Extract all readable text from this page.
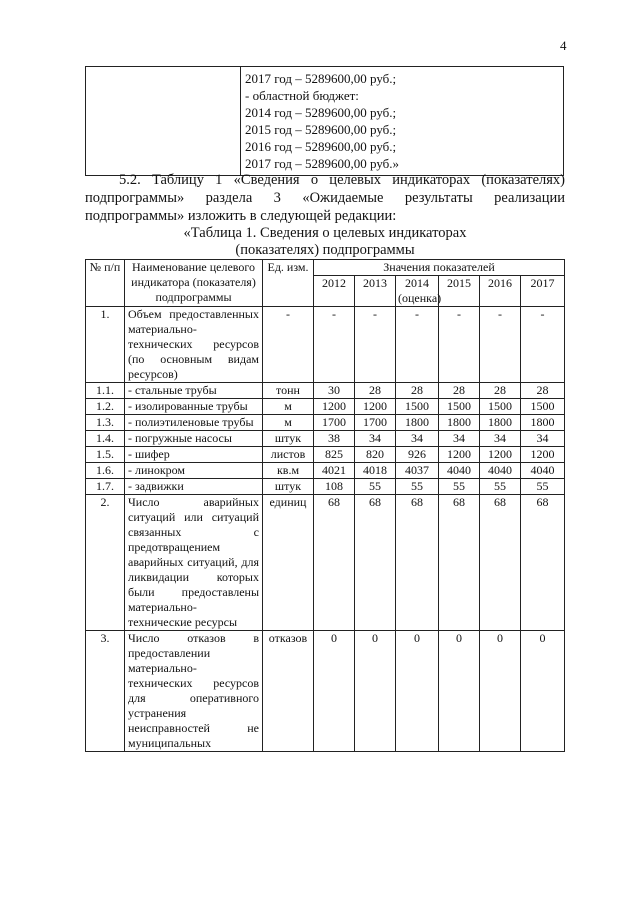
4

2017 год – 5289600,00 руб.;
- областной бюджет:
2014 год – 5289600,00 руб.;
2015 год – 5289600,00 руб.;
2016 год – 5289600,00 руб.;
2017 год – 5289600,00 руб.»
5.2. Таблицу 1 «Сведения о целевых индикаторах (показателях) подпрограммы» раздела 3 «Ожидаемые результаты реализации подпрограммы» изложить в следующей редакции:
«Таблица 1. Сведения о целевых индикаторах
(показателях) подпрограммы
№ п/п	Наименование целевого индикатора (показателя) подпрограммы	Ед. изм.	Значения показателей					
			2012	2013	2014 (оценка)	2015	2016	2017
1.	Объем предоставленных материально-технических ресурсов (по основным видам ресурсов)	-	-	-	-	-	-	-
1.1.	- стальные трубы	тонн	30	28	28	28	28	28
1.2.	- изолированные трубы	м	1200	1200	1500	1500	1500	1500
1.3.	- полиэтиленовые трубы	м	1700	1700	1800	1800	1800	1800
1.4.	- погружные насосы	штук	38	34	34	34	34	34
1.5.	- шифер	листов	825	820	926	1200	1200	1200
1.6.	- линокром	кв.м	4021	4018	4037	4040	4040	4040
1.7.	- задвижки	штук	108	55	55	55	55	55
2.	Число аварийных ситуаций или ситуаций связанных с предотвращением аварийных ситуаций, для ликвидации которых были предоставлены материально-технические ресурсы	единиц	68	68	68	68	68	68
3.	Число отказов в предоставлении материально-технических ресурсов для оперативного устранения неисправностей не муниципальных	отказов	0	0	0	0	0	0
